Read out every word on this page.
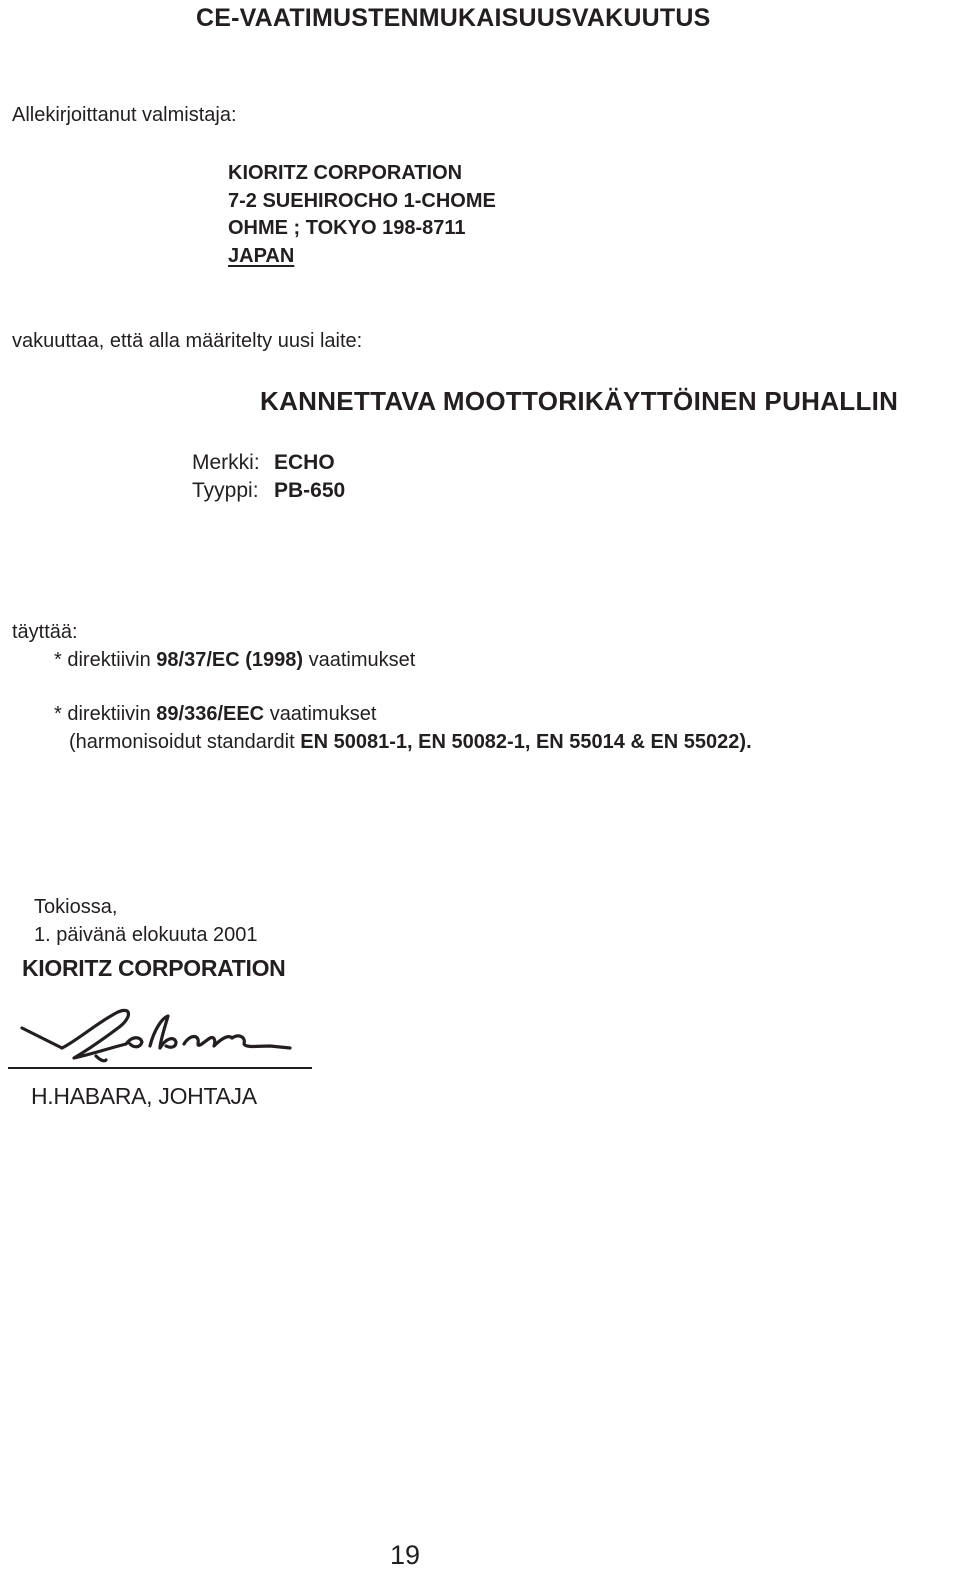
CE-VAATIMUSTENMUKAISUUSVAKUUTUS
Allekirjoittanut valmistaja:
KIORITZ CORPORATION
7-2 SUEHIROCHO 1-CHOME
OHME ; TOKYO 198-8711
JAPAN
vakuuttaa, että alla määritelty uusi laite:
KANNETTAVA MOOTTORIKÄYTTÖINEN PUHALLIN
Merkki: ECHO
Tyyppi: PB-650
täyttää:
* direktiivin 98/37/EC (1998) vaatimukset
* direktiivin 89/336/EEC vaatimukset
(harmonisoidut standardit EN 50081-1, EN 50082-1, EN 55014 & EN 55022).
Tokiossa,
1. päivänä elokuuta 2001
KIORITZ CORPORATION
H.HABARA, JOHTAJA
19
